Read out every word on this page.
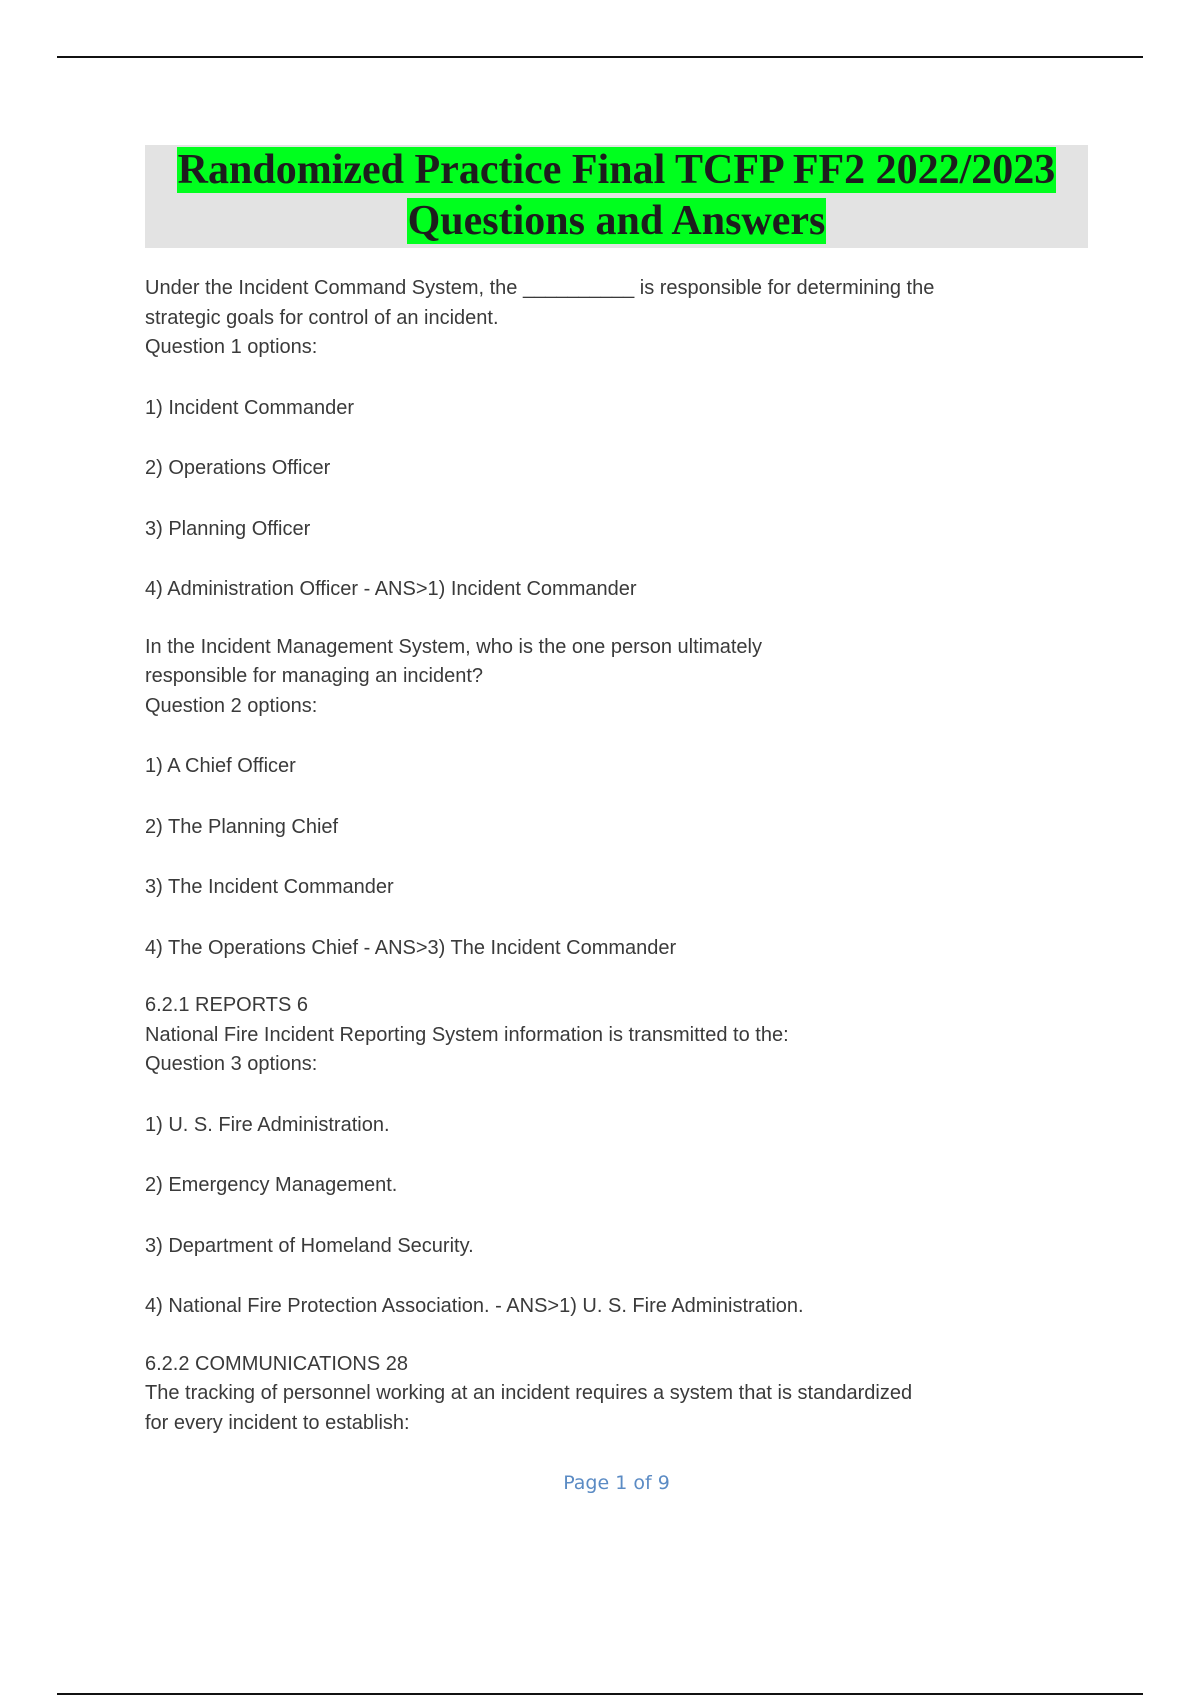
Randomized Practice Final TCFP FF2 2022/2023
Questions and Answers
Under the Incident Command System, the __________ is responsible for determining the
strategic goals for control of an incident.
Question 1 options:
1) Incident Commander
2) Operations Officer
3) Planning Officer
4) Administration Officer - ANS>1) Incident Commander
In the Incident Management System, who is the one person ultimately
responsible for managing an incident?
Question 2 options:
1) A Chief Officer
2) The Planning Chief
3) The Incident Commander
4) The Operations Chief - ANS>3) The Incident Commander
6.2.1 REPORTS 6
National Fire Incident Reporting System information is transmitted to the:
Question 3 options:
1) U. S. Fire Administration.
2) Emergency Management.
3) Department of Homeland Security.
4) National Fire Protection Association. - ANS>1) U. S. Fire Administration.
6.2.2 COMMUNICATIONS 28
The tracking of personnel working at an incident requires a system that is standardized
for every incident to establish:
Page 1 of 9
